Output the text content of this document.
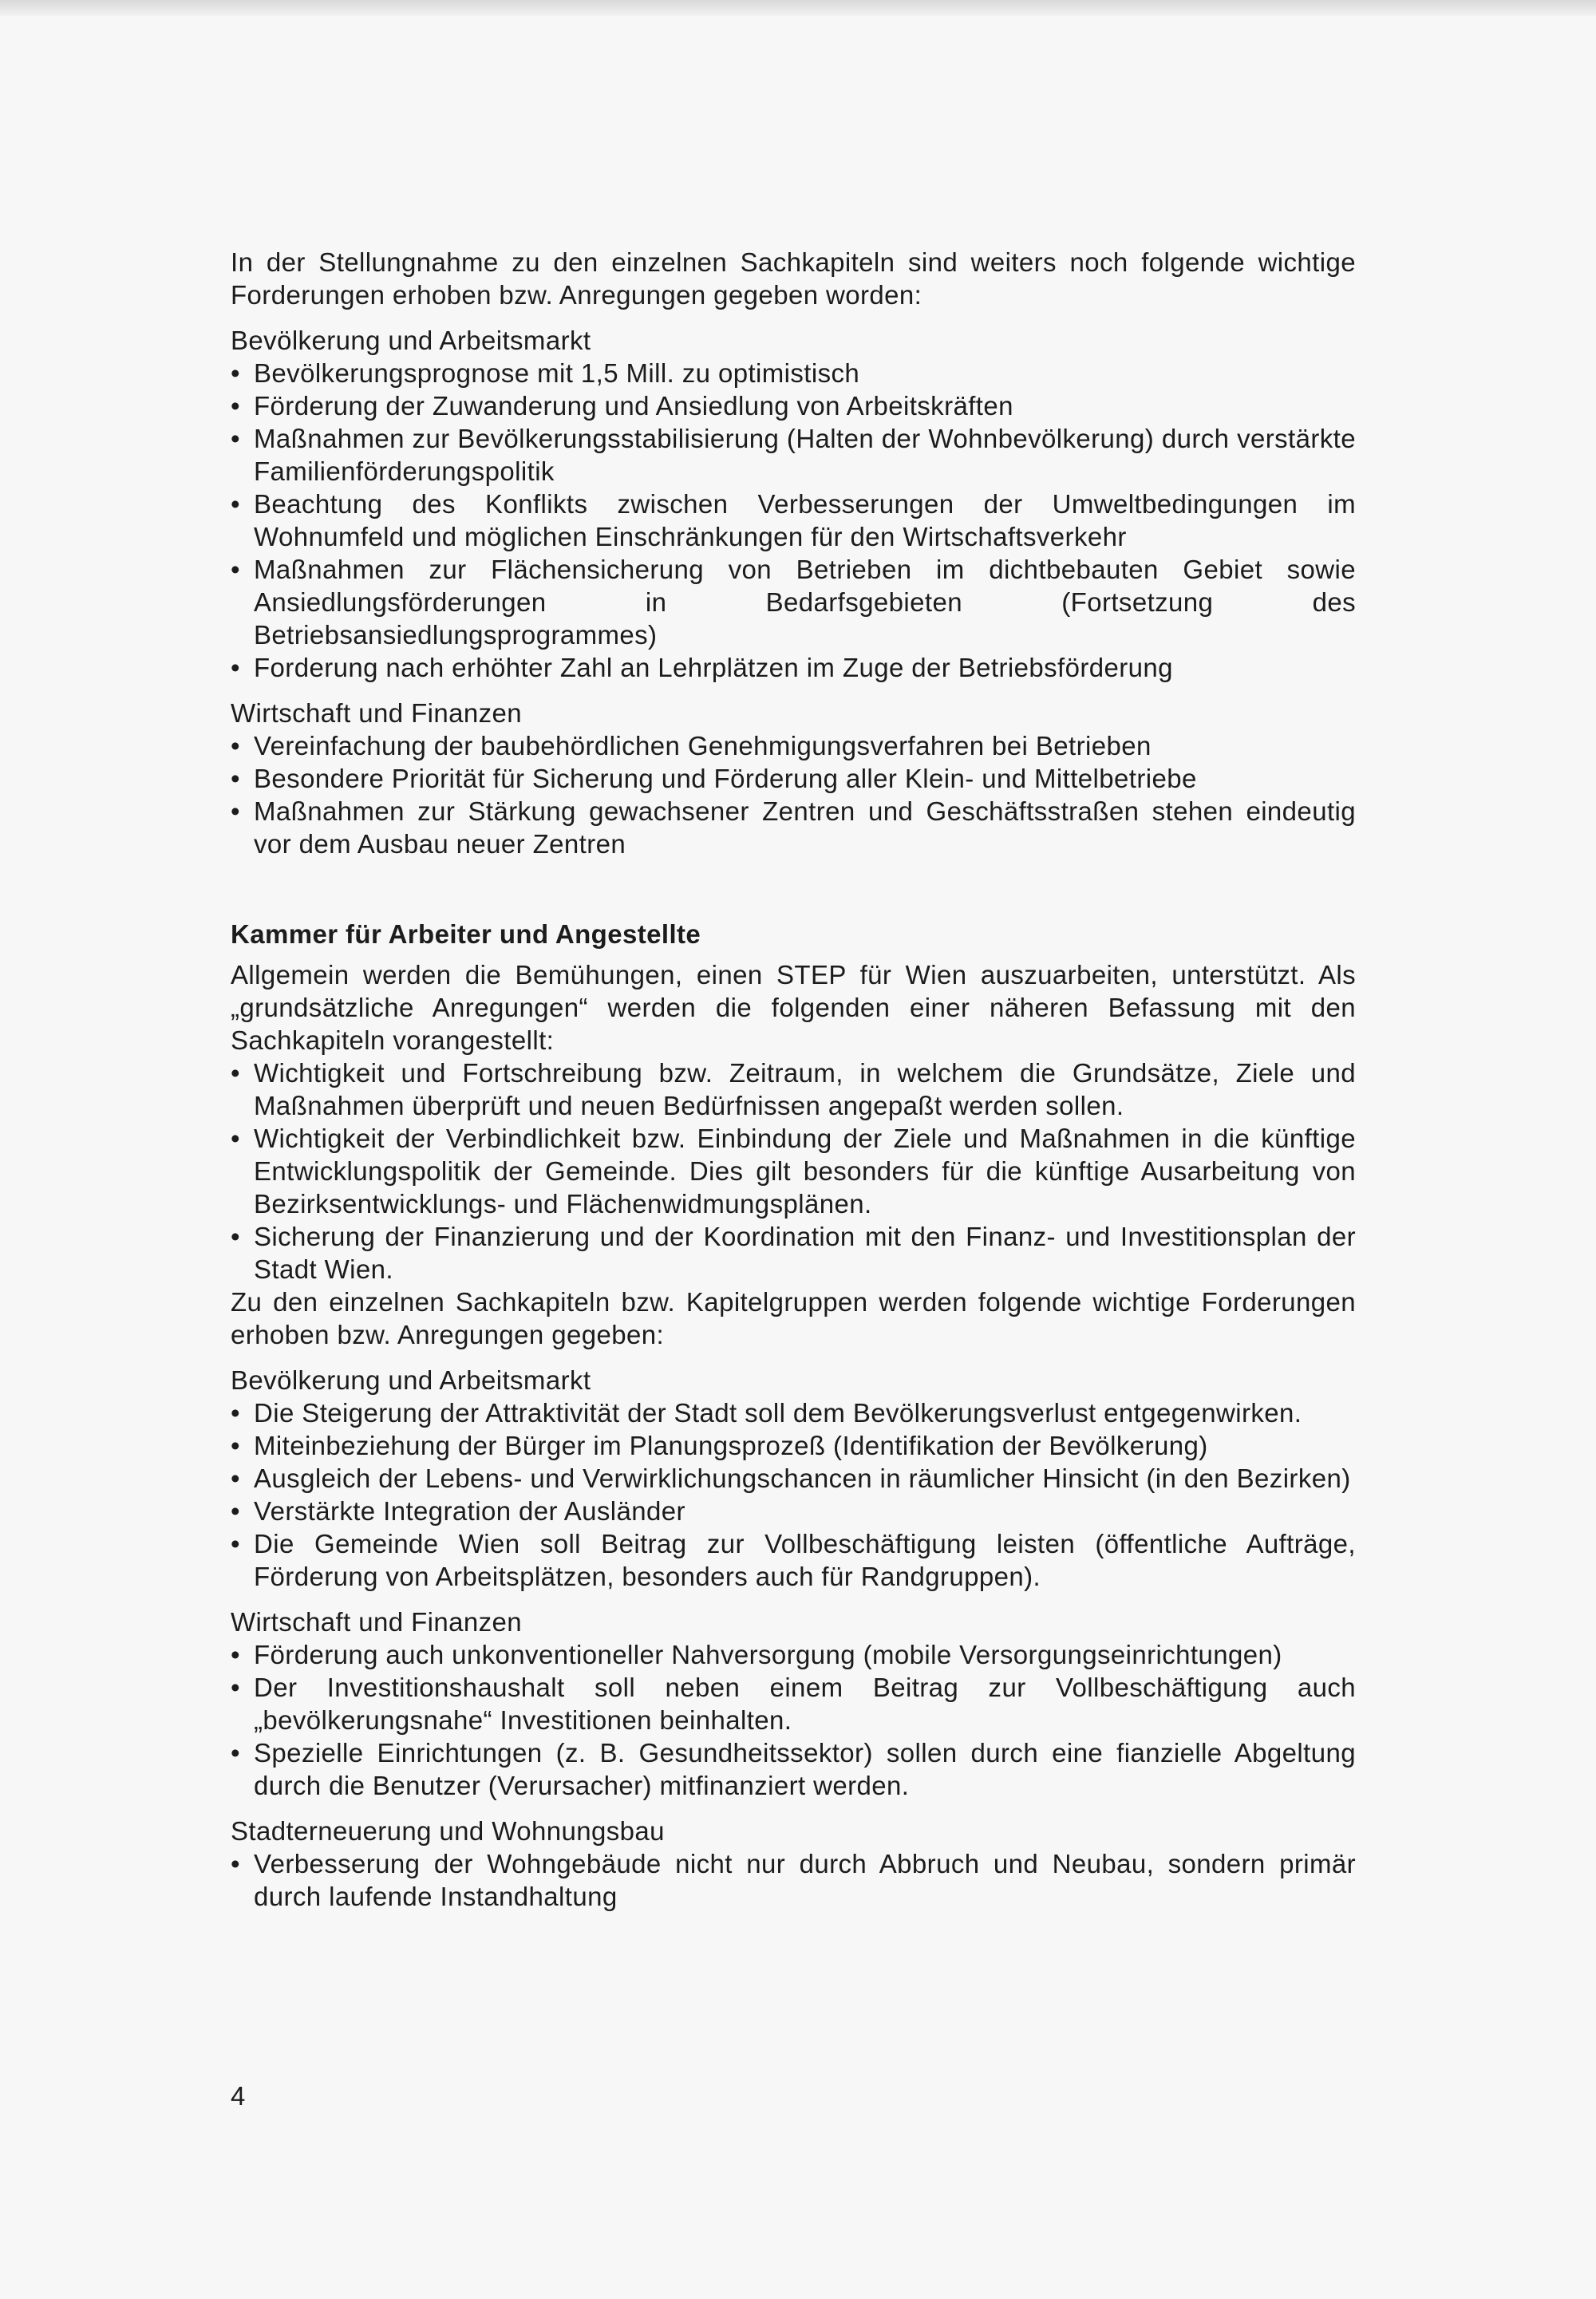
In der Stellungnahme zu den einzelnen Sachkapiteln sind weiters noch folgende wichtige Forderungen erhoben bzw. Anregungen gegeben worden:

Bevölkerung und Arbeitsmarkt

• Bevölkerungsprognose mit 1,5 Mill. zu optimistisch
• Förderung der Zuwanderung und Ansiedlung von Arbeitskräften
• Maßnahmen zur Bevölkerungsstabilisierung (Halten der Wohnbevölkerung) durch verstärkte Familienförderungspolitik
• Beachtung des Konflikts zwischen Verbesserungen der Umweltbedingungen im Wohnumfeld und möglichen Einschränkungen für den Wirtschaftsverkehr
• Maßnahmen zur Flächensicherung von Betrieben im dichtbebauten Gebiet sowie Ansiedlungsförderungen in Bedarfsgebieten (Fortsetzung des Betriebsansiedlungsprogrammes)
• Forderung nach erhöhter Zahl an Lehrplätzen im Zuge der Betriebsförderung

Wirtschaft und Finanzen

• Vereinfachung der baubehördlichen Genehmigungsverfahren bei Betrieben
• Besondere Priorität für Sicherung und Förderung aller Klein- und Mittelbetriebe
• Maßnahmen zur Stärkung gewachsener Zentren und Geschäftsstraßen stehen eindeutig vor dem Ausbau neuer Zentren

Kammer für Arbeiter und Angestellte

Allgemein werden die Bemühungen, einen STEP für Wien auszuarbeiten, unterstützt. Als „grundsätzliche Anregungen“ werden die folgenden einer näheren Befassung mit den Sachkapiteln vorangestellt:

• Wichtigkeit und Fortschreibung bzw. Zeitraum, in welchem die Grundsätze, Ziele und Maßnahmen überprüft und neuen Bedürfnissen angepaßt werden sollen.
• Wichtigkeit der Verbindlichkeit bzw. Einbindung der Ziele und Maßnahmen in die künftige Entwicklungspolitik der Gemeinde. Dies gilt besonders für die künftige Ausarbeitung von Bezirksentwicklungs- und Flächenwidmungsplänen.
• Sicherung der Finanzierung und der Koordination mit den Finanz- und Investitionsplan der Stadt Wien.

Zu den einzelnen Sachkapiteln bzw. Kapitelgruppen werden folgende wichtige Forderungen erhoben bzw. Anregungen gegeben:

Bevölkerung und Arbeitsmarkt

• Die Steigerung der Attraktivität der Stadt soll dem Bevölkerungsverlust entgegenwirken.
• Miteinbeziehung der Bürger im Planungsprozeß (Identifikation der Bevölkerung)
• Ausgleich der Lebens- und Verwirklichungschancen in räumlicher Hinsicht (in den Bezirken)
• Verstärkte Integration der Ausländer
• Die Gemeinde Wien soll Beitrag zur Vollbeschäftigung leisten (öffentliche Aufträge, Förderung von Arbeitsplätzen, besonders auch für Randgruppen).

Wirtschaft und Finanzen

• Förderung auch unkonventioneller Nahversorgung (mobile Versorgungseinrichtungen)
• Der Investitionshaushalt soll neben einem Beitrag zur Vollbeschäftigung auch „bevölkerungsnahe“ Investitionen beinhalten.
• Spezielle Einrichtungen (z. B. Gesundheitssektor) sollen durch eine fianzielle Abgeltung durch die Benutzer (Verursacher) mitfinanziert werden.

Stadterneuerung und Wohnungsbau

• Verbesserung der Wohngebäude nicht nur durch Abbruch und Neubau, sondern primär durch laufende Instandhaltung
4
